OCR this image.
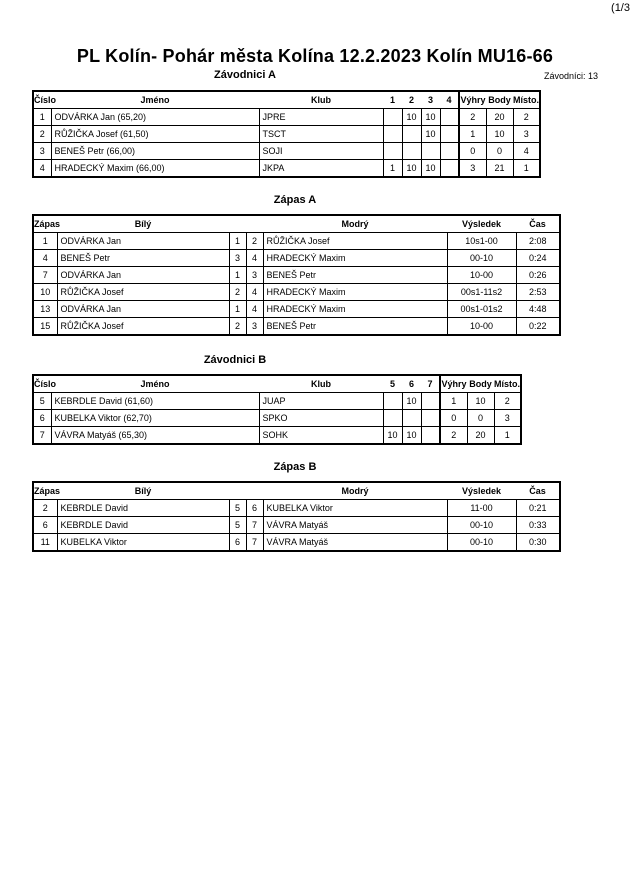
(1/3
PL Kolín- Pohár města Kolína 12.2.2023 Kolín MU16-66
Závodnici A	Závodníci: 13
Číslo	Jméno	Klub	1	2	3	4	Výhry	Body	Místo.
1	ODVÁRKA Jan (65,20)	JPRE		10	10		2	20	2
2	RŮŽIČKA Josef (61,50)	TSCT			10		1	10	3
3	BENEŠ Petr (66,00)	SOJI					0	0	4
4	HRADECKÝ Maxim (66,00)	JKPA	1	10	10		3	21	1
Zápas A
Zápas	Bílý			Modrý	Výsledek	Čas
1	ODVÁRKA Jan	1	2	RŮŽIČKA Josef	10s1-00	2:08
4	BENEŠ Petr	3	4	HRADECKÝ Maxim	00-10	0:24
7	ODVÁRKA Jan	1	3	BENEŠ Petr	10-00	0:26
10	RŮŽIČKA Josef	2	4	HRADECKÝ Maxim	00s1-11s2	2:53
13	ODVÁRKA Jan	1	4	HRADECKÝ Maxim	00s1-01s2	4:48
15	RŮŽIČKA Josef	2	3	BENEŠ Petr	10-00	0:22
Závodnici B
Číslo	Jméno	Klub	5	6	7	Výhry	Body	Místo.
5	KEBRDLE David (61,60)	JUAP		10		1	10	2
6	KUBELKA Viktor (62,70)	SPKO				0	0	3
7	VÁVRA Matyáš (65,30)	SOHK	10	10		2	20	1
Zápas B
Zápas	Bílý			Modrý	Výsledek	Čas
2	KEBRDLE David	5	6	KUBELKA Viktor	11-00	0:21
6	KEBRDLE David	5	7	VÁVRA Matyáš	00-10	0:33
11	KUBELKA Viktor	6	7	VÁVRA Matyáš	00-10	0:30
